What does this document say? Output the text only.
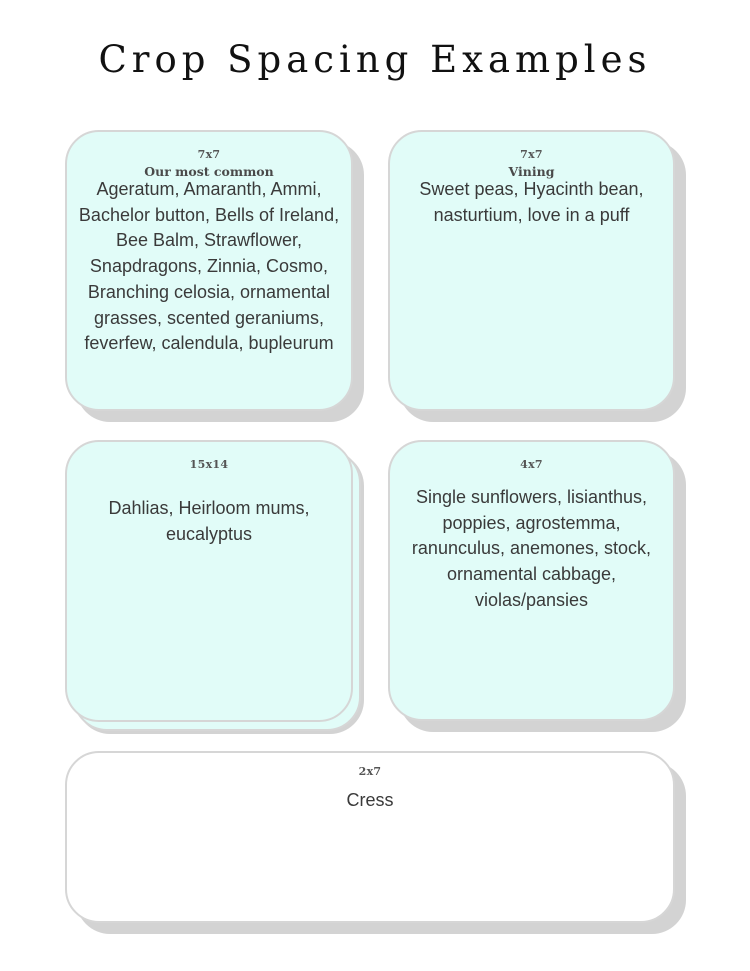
Crop Spacing Examples
7x7
Our most common
Ageratum, Amaranth, Ammi, Bachelor button, Bells of Ireland, Bee Balm, Strawflower, Snapdragons, Zinnia, Cosmo, Branching celosia, ornamental grasses, scented geraniums, feverfew, calendula, bupleurum
7x7
Vining
Sweet peas, Hyacinth bean, nasturtium, love in a puff
15x14
Dahlias, Heirloom mums, eucalyptus
4x7
Single sunflowers, lisianthus, poppies, agrostemma, ranunculus, anemones, stock, ornamental cabbage, violas/pansies
2x7
Cress
